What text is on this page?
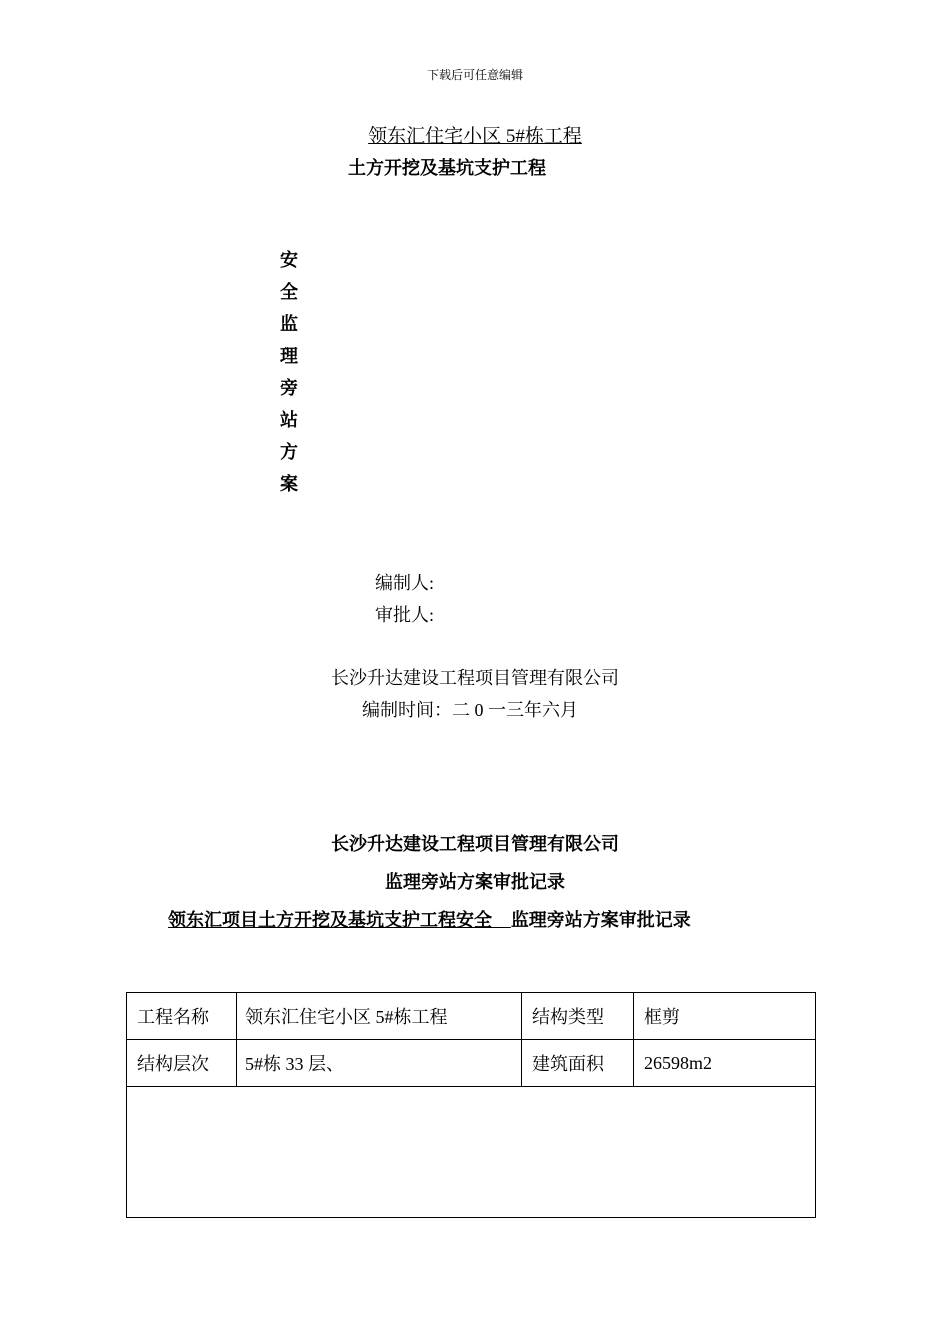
下载后可任意编辑
领东汇住宅小区 5#栋工程
土方开挖及基坑支护工程
安
全
监
理
旁
站
方
案
编制人:
审批人:
长沙升达建设工程项目管理有限公司
编制时间：二 0 一三年六月
长沙升达建设工程项目管理有限公司
监理旁站方案审批记录
领东汇项目土方开挖及基坑支护工程安全 监理旁站方案审批记录
工程名称	领东汇住宅小区 5#栋工程	结构类型	框剪
结构层次	5#栋 33 层、	建筑面积	26598m2
